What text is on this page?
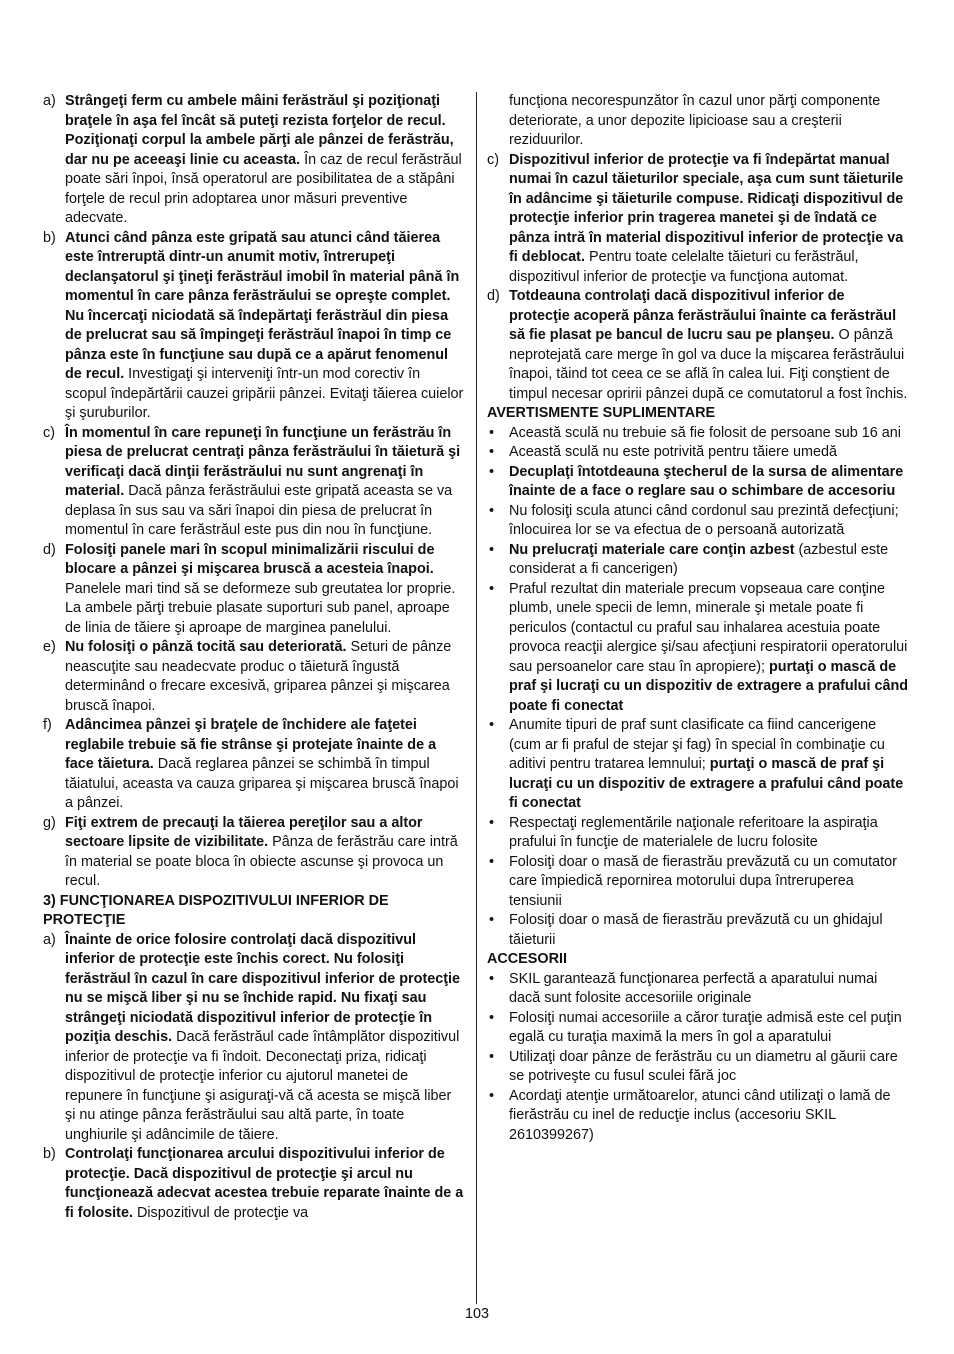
a) Strângeţi ferm cu ambele mâini ferăstrăul şi poziţionaţi braţele în aşa fel încât să puteţi rezista forţelor de recul. Poziţionaţi corpul la ambele părţi ale pânzei de ferăstrău, dar nu pe aceeaşi linie cu aceasta. În caz de recul ferăstrăul poate sări înpoi, însă operatorul are posibilitatea de a stăpâni forţele de recul prin adoptarea unor măsuri preventive adecvate.
b) Atunci când pânza este gripată sau atunci când tăierea este întreruptă dintr-un anumit motiv, întrerupeţi declanşatorul şi ţineţi ferăstrăul imobil în material până în momentul în care pânza ferăstrăului se opreşte complet. Nu încercaţi niciodată să îndepărtaţi ferăstrăul din piesa de prelucrat sau să împingeţi ferăstrăul înapoi în timp ce pânza este în funcţiune sau după ce a apărut fenomenul de recul. Investigaţi şi interveniţi într-un mod corectiv în scopul îndepărtării cauzei gripării pânzei. Evitaţi tăierea cuielor şi şuruburilor.
c) În momentul în care repuneţi în funcţiune un ferăstrău în piesa de prelucrat centraţi pânza ferăstrăului în tăietură şi verificaţi dacă dinţii ferăstrăului nu sunt angrenaţi în material. Dacă pânza ferăstrăului este gripată aceasta se va deplasa în sus sau va sări înapoi din piesa de prelucrat în momentul în care ferăstrăul este pus din nou în funcţiune.
d) Folosiţi panele mari în scopul minimalizării riscului de blocare a pânzei şi mişcarea bruscă a acesteia înapoi. Panelele mari tind să se deformeze sub greutatea lor proprie. La ambele părţi trebuie plasate suporturi sub panel, aproape de linia de tăiere şi aproape de marginea panelului.
e) Nu folosiţi o pânză tocită sau deteriorată. Seturi de pânze neascuţite sau neadecvate produc o tăietură îngustă determinând o frecare excesivă, griparea pânzei şi mişcarea bruscă înapoi.
f) Adâncimea pânzei şi braţele de închidere ale faţetei reglabile trebuie să fie strânse şi protejate înainte de a face tăietura. Dacă reglarea pânzei se schimbă în timpul tăiatului, aceasta va cauza griparea şi mişcarea bruscă înapoi a pânzei.
g) Fiţi extrem de precauţi la tăierea pereţilor sau a altor sectoare lipsite de vizibilitate. Pânza de ferăstrău care intră în material se poate bloca în obiecte ascunse şi provoca un recul.
3) FUNCŢIONAREA DISPOZITIVULUI INFERIOR DE PROTECŢIE
a) Înainte de orice folosire controlaţi dacă dispozitivul inferior de protecţie este închis corect. Nu folosiţi ferăstrăul în cazul în care dispozitivul inferior de protecţie nu se mişcă liber şi nu se închide rapid. Nu fixaţi sau strângeţi niciodată dispozitivul inferior de protecţie în poziţia deschis. Dacă ferăstrăul cade întâmplător dispozitivul inferior de protecţie va fi îndoit. Deconectaţi priza, ridicaţi dispozitivul de protecţie inferior cu ajutorul manetei de repunere în funcţiune şi asiguraţi-vă că acesta se mişcă liber şi nu atinge pânza ferăstrăului sau altă parte, în toate unghiurile şi adâncimile de tăiere.
b) Controlaţi funcţionarea arcului dispozitivului inferior de protecţie. Dacă dispozitivul de protecţie şi arcul nu funcţionează adecvat acestea trebuie reparate înainte de a fi folosite. Dispozitivul de protecţie va
funcţiona necorespunzător în cazul unor părţi componente deteriorate, a unor depozite lipicioase sau a creşterii reziduurilor.
c) Dispozitivul inferior de protecţie va fi îndepărtat manual numai în cazul tăieturilor speciale, aşa cum sunt tăieturile în adâncime şi tăieturile compuse. Ridicaţi dispozitivul de protecţie inferior prin tragerea manetei şi de îndată ce pânza intră în material dispozitivul inferior de protecţie va fi deblocat. Pentru toate celelalte tăieturi cu ferăstrăul, dispozitivul inferior de protecţie va funcţiona automat.
d) Totdeauna controlaţi dacă dispozitivul inferior de protecţie acoperă pânza ferăstrăului înainte ca ferăstrăul să fie plasat pe bancul de lucru sau pe planşeu. O pânză neprotejată care merge în gol va duce la mişcarea ferăstrăului înapoi, tăind tot ceea ce se află în calea lui. Fiţi conştient de timpul necesar opririi pânzei după ce comutatorul a fost închis.
AVERTISMENTE SUPLIMENTARE
•	Această sculă nu trebuie să fie folosit de persoane sub 16 ani
•	Această sculă nu este potrivită pentru tăiere umedă
•	Decuplaţi întotdeauna ştecherul de la sursa de alimentare înainte de a face o reglare sau o schimbare de accesoriu
•	Nu folosiţi scula atunci când cordonul sau prezintă defecţiuni; înlocuirea lor se va efectua de o persoană autorizată
•	Nu prelucraţi materiale care conţin azbest (azbestul este considerat a fi cancerigen)
•	Praful rezultat din materiale precum vopseaua care conţine plumb, unele specii de lemn, minerale şi metale poate fi periculos (contactul cu praful sau inhalarea acestuia poate provoca reacţii alergice şi/sau afecţiuni respiratorii operatorului sau persoanelor care stau în apropiere); purtaţi o mască de praf şi lucraţi cu un dispozitiv de extragere a prafului când poate fi conectat
•	Anumite tipuri de praf sunt clasificate ca fiind cancerigene (cum ar fi praful de stejar şi fag) în special în combinaţie cu aditivi pentru tratarea lemnului; purtaţi o mască de praf şi lucraţi cu un dispozitiv de extragere a prafului când poate fi conectat
•	Respectaţi reglementările naţionale referitoare la aspiraţia prafului în funcţie de materialele de lucru folosite
•	Folosiţi doar o masă de fierastrău prevăzută cu un comutator care împiedică repornirea motorului dupa întreruperea tensiunii
•	Folosiţi doar o masă de fierastrău prevăzută cu un ghidajul tăieturii
ACCESORII
•	SKIL garantează funcţionarea perfectă a aparatului numai dacă sunt folosite accesoriile originale
•	Folosiţi numai accesoriile a căror turaţie admisă este cel puţin egală cu turaţia maximă la mers în gol a aparatului
•	Utilizaţi doar pânze de ferăstrău cu un diametru al găurii care se potriveşte cu fusul sculei fără joc
•	Acordaţi atenţie următoarelor, atunci când utilizaţi o lamă de fierăstrău cu inel de reducţie inclus (accesoriu SKIL 2610399267)
103
